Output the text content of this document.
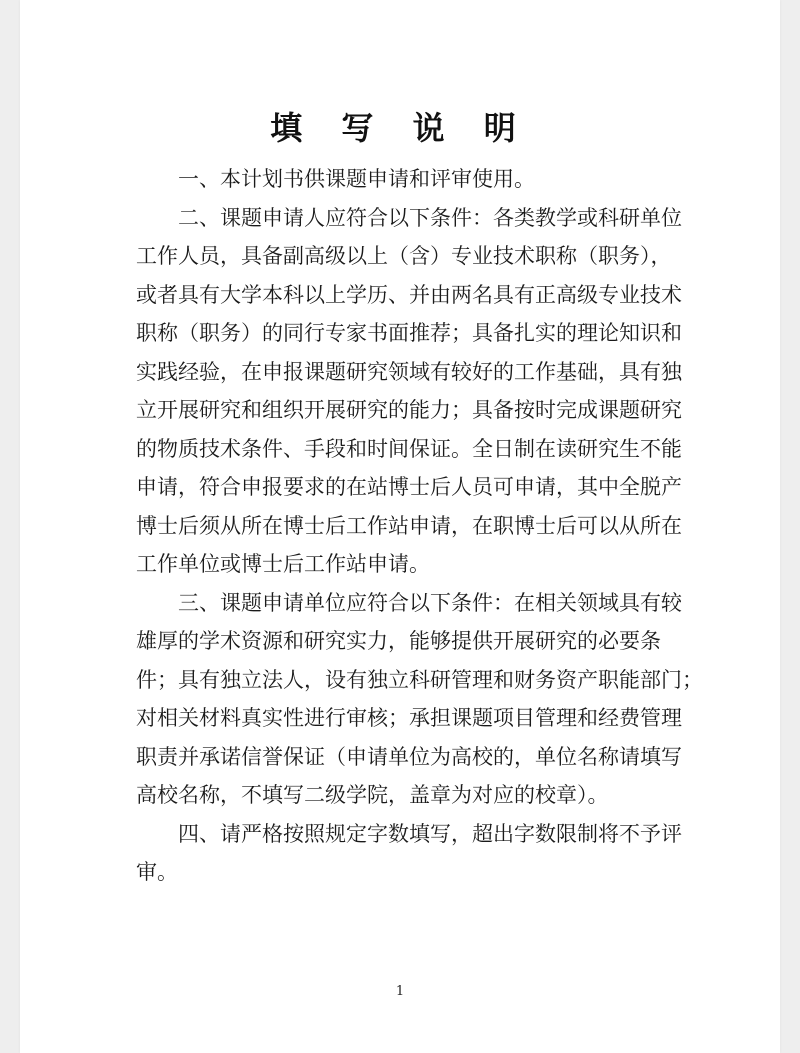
填 写 说 明
一、本计划书供课题申请和评审使用。
二、课题申请人应符合以下条件：各类教学或科研单位
工作人员，具备副高级以上（含）专业技术职称（职务），
或者具有大学本科以上学历、并由两名具有正高级专业技术
职称（职务）的同行专家书面推荐；具备扎实的理论知识和
实践经验，在申报课题研究领域有较好的工作基础，具有独
立开展研究和组织开展研究的能力；具备按时完成课题研究
的物质技术条件、手段和时间保证。全日制在读研究生不能
申请，符合申报要求的在站博士后人员可申请，其中全脱产
博士后须从所在博士后工作站申请，在职博士后可以从所在
工作单位或博士后工作站申请。
三、课题申请单位应符合以下条件：在相关领域具有较
雄厚的学术资源和研究实力，能够提供开展研究的必要条
件；具有独立法人，设有独立科研管理和财务资产职能部门；
对相关材料真实性进行审核；承担课题项目管理和经费管理
职责并承诺信誉保证（申请单位为高校的，单位名称请填写
高校名称，不填写二级学院，盖章为对应的校章）。
四、请严格按照规定字数填写，超出字数限制将不予评
审。
1
